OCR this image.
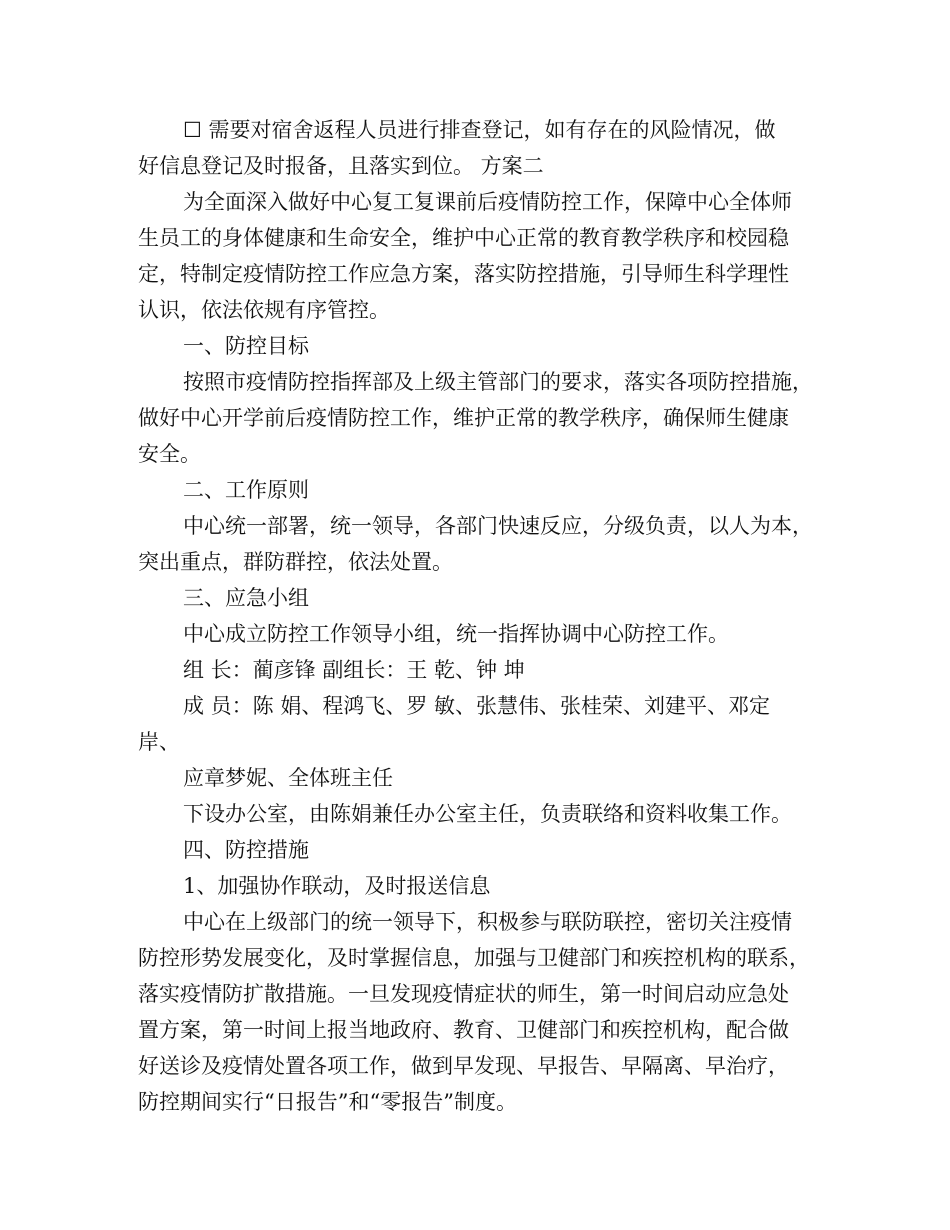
☐ 需要对宿舍返程人员进行排查登记，如有存在的风险情况，做
好信息登记及时报备，且落实到位。 方案二
为全面深入做好中心复工复课前后疫情防控工作，保障中心全体师
生员工的身体健康和生命安全，维护中心正常的教育教学秩序和校园稳
定，特制定疫情防控工作应急方案，落实防控措施，引导师生科学理性
认识，依法依规有序管控。
一、防控目标
按照市疫情防控指挥部及上级主管部门的要求，落实各项防控措施，
做好中心开学前后疫情防控工作，维护正常的教学秩序，确保师生健康
安全。
二、工作原则
中心统一部署，统一领导，各部门快速反应，分级负责，以人为本，
突出重点，群防群控，依法处置。
三、应急小组
中心成立防控工作领导小组，统一指挥协调中心防控工作。
组 长：蔺彦锋 副组长：王 乾、钟 坤
成 员：陈 娟、程鸿飞、罗 敏、张慧伟、张桂荣、刘建平、邓定
岸、
应章梦妮、全体班主任
下设办公室，由陈娟兼任办公室主任，负责联络和资料收集工作。
四、防控措施
1、加强协作联动，及时报送信息
中心在上级部门的统一领导下，积极参与联防联控，密切关注疫情
防控形势发展变化，及时掌握信息，加强与卫健部门和疾控机构的联系，
落实疫情防扩散措施。一旦发现疫情症状的师生，第一时间启动应急处
置方案，第一时间上报当地政府、教育、卫健部门和疾控机构，配合做
好送诊及疫情处置各项工作，做到早发现、早报告、早隔离、早治疗，
防控期间实行“日报告”和“零报告”制度。
